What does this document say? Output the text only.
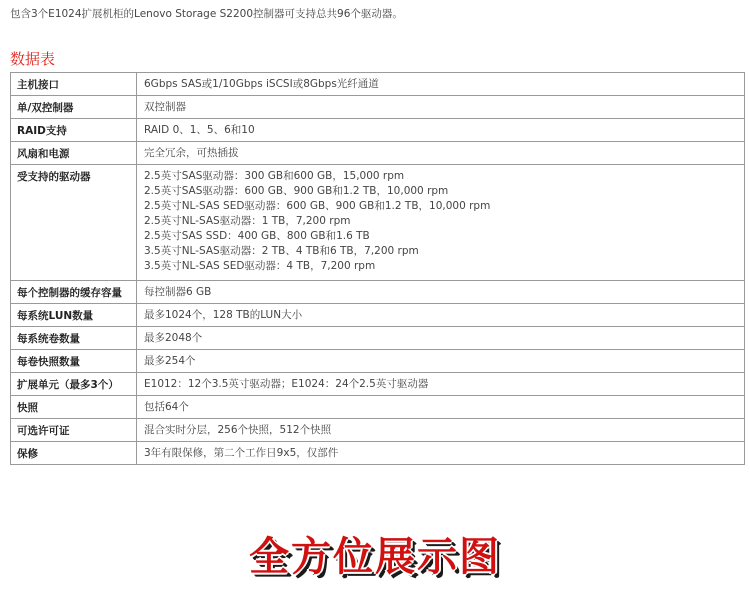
包含3个E1024扩展机柜的Lenovo Storage S2200控制器可支持总共96个驱动器。
数据表
主机接口	6Gbps SAS或1/10Gbps iSCSI或8Gbps光纤通道
单/双控制器	双控制器
RAID支持	RAID 0、1、5、6和10
风扇和电源	完全冗余，可热插拔
受支持的驱动器	2.5英寸SAS驱动器：300 GB和600 GB，15,000 rpm
2.5英寸SAS驱动器：600 GB、900 GB和1.2 TB，10,000 rpm
2.5英寸NL-SAS SED驱动器：600 GB、900 GB和1.2 TB，10,000 rpm
2.5英寸NL-SAS驱动器：1 TB，7,200 rpm
2.5英寸SAS SSD：400 GB、800 GB和1.6 TB
3.5英寸NL-SAS驱动器：2 TB、4 TB和6 TB，7,200 rpm
3.5英寸NL-SAS SED驱动器：4 TB，7,200 rpm
每个控制器的缓存容量	每控制器6 GB
每系统LUN数量	最多1024个，128 TB的LUN大小
每系统卷数量	最多2048个
每卷快照数量	最多254个
扩展单元（最多3个）	E1012：12个3.5英寸驱动器；E1024：24个2.5英寸驱动器
快照	包括64个
可选许可证	混合实时分层，256个快照，512个快照
保修	3年有限保修，第二个工作日9x5，仅部件
全方位展示图
